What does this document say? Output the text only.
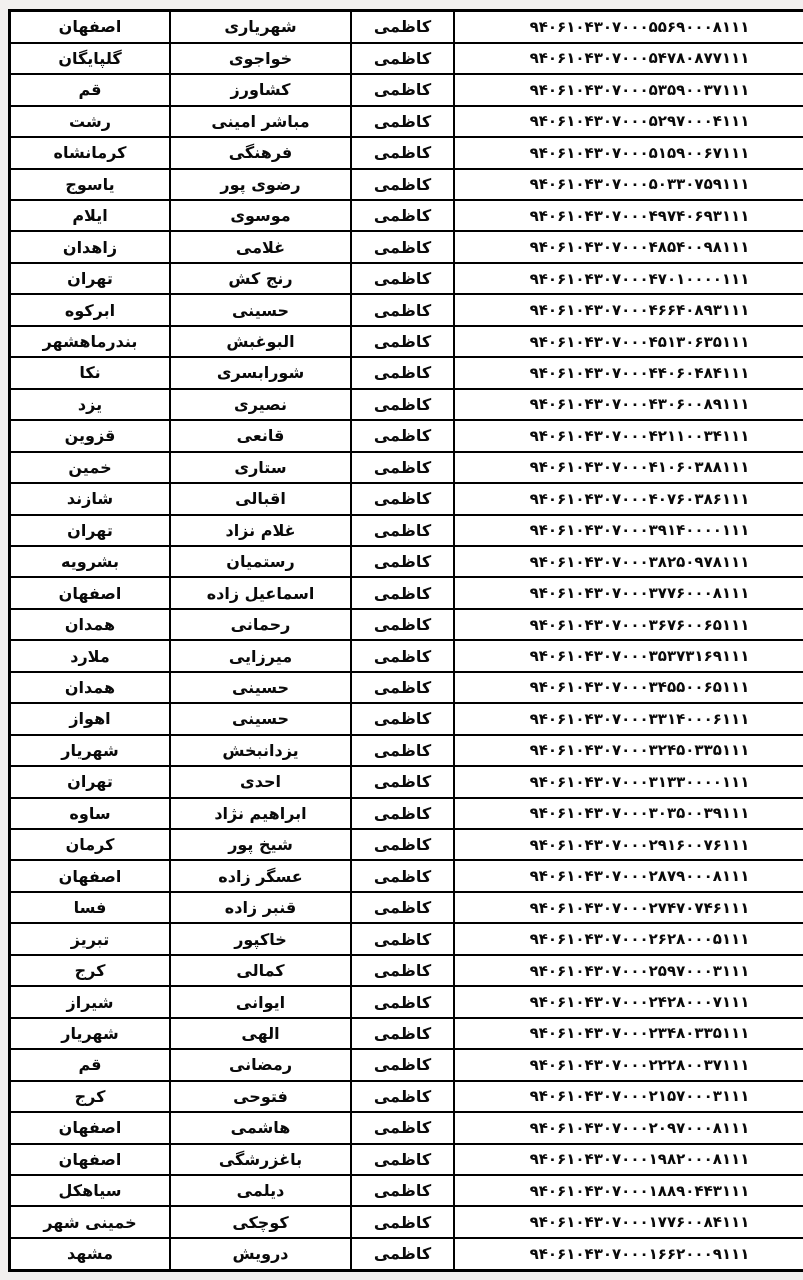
اصفهان	شهریاری	کاظمی	۹۴۰۶۱۰۴۳۰۷۰۰۰۵۵۶۹۰۰۰۸۱۱۱
گلپایگان	خواجوی	کاظمی	۹۴۰۶۱۰۴۳۰۷۰۰۰۵۴۷۸۰۸۷۷۱۱۱
قم	کشاورز	کاظمی	۹۴۰۶۱۰۴۳۰۷۰۰۰۵۳۵۹۰۰۳۷۱۱۱
رشت	مباشر امینی	کاظمی	۹۴۰۶۱۰۴۳۰۷۰۰۰۵۲۹۷۰۰۰۴۱۱۱
کرمانشاه	فرهنگی	کاظمی	۹۴۰۶۱۰۴۳۰۷۰۰۰۵۱۵۹۰۰۶۷۱۱۱
یاسوج	رضوی پور	کاظمی	۹۴۰۶۱۰۴۳۰۷۰۰۰۵۰۳۳۰۷۵۹۱۱۱
ایلام	موسوی	کاظمی	۹۴۰۶۱۰۴۳۰۷۰۰۰۴۹۷۴۰۶۹۳۱۱۱
زاهدان	غلامی	کاظمی	۹۴۰۶۱۰۴۳۰۷۰۰۰۴۸۵۴۰۰۹۸۱۱۱
تهران	رنج کش	کاظمی	۹۴۰۶۱۰۴۳۰۷۰۰۰۴۷۰۱۰۰۰۰۱۱۱
ابرکوه	حسینی	کاظمی	۹۴۰۶۱۰۴۳۰۷۰۰۰۴۶۶۴۰۸۹۳۱۱۱
بندرماهشهر	البوغبش	کاظمی	۹۴۰۶۱۰۴۳۰۷۰۰۰۴۵۱۳۰۶۳۵۱۱۱
نکا	شورابسری	کاظمی	۹۴۰۶۱۰۴۳۰۷۰۰۰۴۴۰۶۰۴۸۴۱۱۱
یزد	نصیری	کاظمی	۹۴۰۶۱۰۴۳۰۷۰۰۰۴۳۰۶۰۰۸۹۱۱۱
قزوین	قانعی	کاظمی	۹۴۰۶۱۰۴۳۰۷۰۰۰۴۲۱۱۰۰۳۴۱۱۱
خمین	ستاری	کاظمی	۹۴۰۶۱۰۴۳۰۷۰۰۰۴۱۰۶۰۳۸۸۱۱۱
شازند	اقبالی	کاظمی	۹۴۰۶۱۰۴۳۰۷۰۰۰۴۰۷۶۰۳۸۶۱۱۱
تهران	غلام نزاد	کاظمی	۹۴۰۶۱۰۴۳۰۷۰۰۰۳۹۱۴۰۰۰۰۱۱۱
بشرویه	رستمیان	کاظمی	۹۴۰۶۱۰۴۳۰۷۰۰۰۳۸۲۵۰۹۷۸۱۱۱
اصفهان	اسماعیل زاده	کاظمی	۹۴۰۶۱۰۴۳۰۷۰۰۰۳۷۷۶۰۰۰۸۱۱۱
همدان	رحمانی	کاظمی	۹۴۰۶۱۰۴۳۰۷۰۰۰۳۶۷۶۰۰۶۵۱۱۱
ملارد	میرزایی	کاظمی	۹۴۰۶۱۰۴۳۰۷۰۰۰۳۵۳۷۳۱۶۹۱۱۱
همدان	حسینی	کاظمی	۹۴۰۶۱۰۴۳۰۷۰۰۰۳۴۵۵۰۰۶۵۱۱۱
اهواز	حسینی	کاظمی	۹۴۰۶۱۰۴۳۰۷۰۰۰۳۳۱۴۰۰۰۶۱۱۱
شهریار	یزدانبخش	کاظمی	۹۴۰۶۱۰۴۳۰۷۰۰۰۳۲۴۵۰۳۳۵۱۱۱
تهران	احدی	کاظمی	۹۴۰۶۱۰۴۳۰۷۰۰۰۳۱۳۳۰۰۰۰۱۱۱
ساوه	ابراهیم نژاد	کاظمی	۹۴۰۶۱۰۴۳۰۷۰۰۰۳۰۳۵۰۰۳۹۱۱۱
کرمان	شیخ پور	کاظمی	۹۴۰۶۱۰۴۳۰۷۰۰۰۲۹۱۶۰۰۷۶۱۱۱
اصفهان	عسگر زاده	کاظمی	۹۴۰۶۱۰۴۳۰۷۰۰۰۲۸۷۹۰۰۰۸۱۱۱
فسا	قنبر زاده	کاظمی	۹۴۰۶۱۰۴۳۰۷۰۰۰۲۷۴۷۰۷۴۶۱۱۱
تبریز	خاکپور	کاظمی	۹۴۰۶۱۰۴۳۰۷۰۰۰۲۶۲۸۰۰۰۵۱۱۱
کرج	کمالی	کاظمی	۹۴۰۶۱۰۴۳۰۷۰۰۰۲۵۹۷۰۰۰۳۱۱۱
شیراز	ایوانی	کاظمی	۹۴۰۶۱۰۴۳۰۷۰۰۰۲۴۲۸۰۰۰۷۱۱۱
شهریار	الهی	کاظمی	۹۴۰۶۱۰۴۳۰۷۰۰۰۲۳۴۸۰۳۳۵۱۱۱
قم	رمضانی	کاظمی	۹۴۰۶۱۰۴۳۰۷۰۰۰۲۲۲۸۰۰۳۷۱۱۱
کرج	فتوحی	کاظمی	۹۴۰۶۱۰۴۳۰۷۰۰۰۲۱۵۷۰۰۰۳۱۱۱
اصفهان	هاشمی	کاظمی	۹۴۰۶۱۰۴۳۰۷۰۰۰۲۰۹۷۰۰۰۸۱۱۱
اصفهان	باغزرشگی	کاظمی	۹۴۰۶۱۰۴۳۰۷۰۰۰۱۹۸۲۰۰۰۸۱۱۱
سیاهکل	دیلمی	کاظمی	۹۴۰۶۱۰۴۳۰۷۰۰۰۱۸۸۹۰۴۴۳۱۱۱
خمینی شهر	کوچکی	کاظمی	۹۴۰۶۱۰۴۳۰۷۰۰۰۱۷۷۶۰۰۸۴۱۱۱
مشهد	درویش	کاظمی	۹۴۰۶۱۰۴۳۰۷۰۰۰۱۶۶۲۰۰۰۹۱۱۱
